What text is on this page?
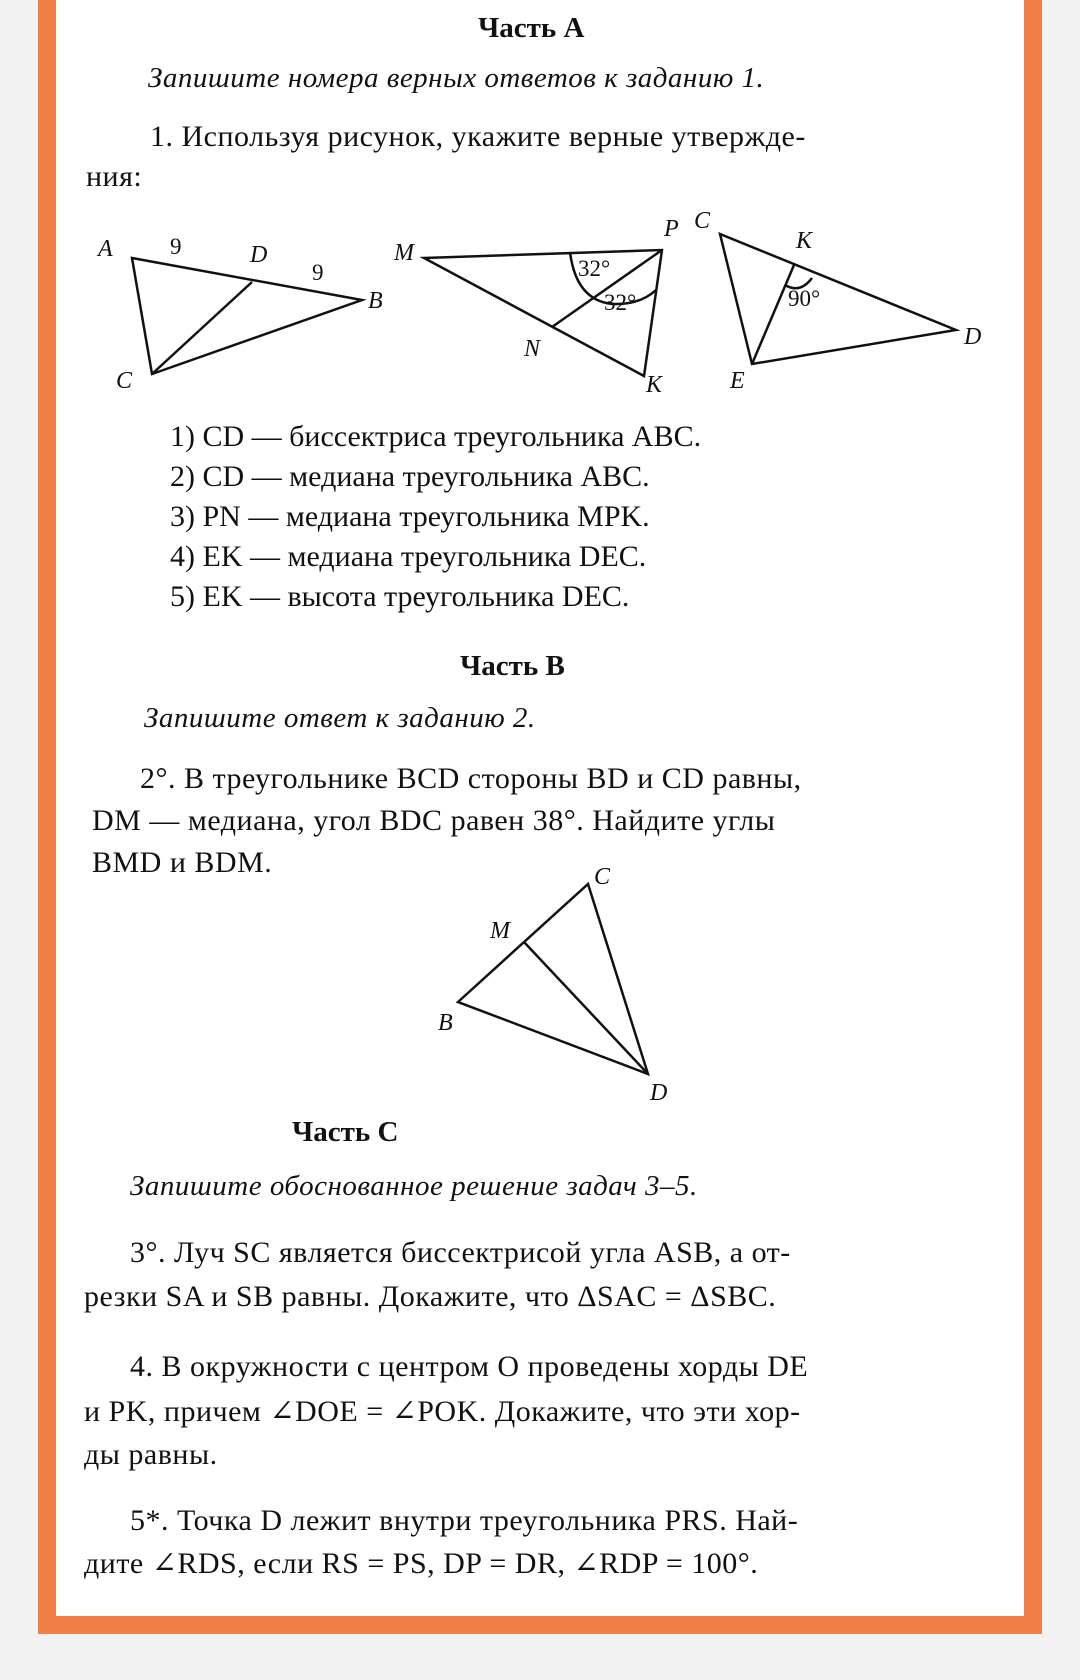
Часть A
Запишите номера верных ответов к заданию 1.
1. Используя рисунок, укажите верные утвержде-
ния:
A 9	D
9
B
C
M
P
32°
32°
N
K
C
K
90°
D
E
C
M
B
D
1) CD — биссектриса треугольника ABC.
2) CD — медиана треугольника ABC.
3) PN — медиана треугольника MPK.
4) EK — медиана треугольника DEC.
5) EK — высота треугольника DEC.
Часть B
Запишите ответ к заданию 2.
2°. В треугольнике BCD стороны BD и CD равны,
DM — медиана, угол BDC равен 38°. Найдите углы
BMD и BDM.
Часть C
Запишите обоснованное решение задач 3–5.
3°. Луч SC является биссектрисой угла ASB, а от-
резки SA и SB равны. Докажите, что ΔSAC = ΔSBC.
4. В окружности с центром O проведены хорды DE
и PK, причем ∠DOE = ∠POK. Докажите, что эти хор-
ды равны.
5*. Точка D лежит внутри треугольника PRS. Най-
дите ∠RDS, если RS = PS, DP = DR, ∠RDP = 100°.
